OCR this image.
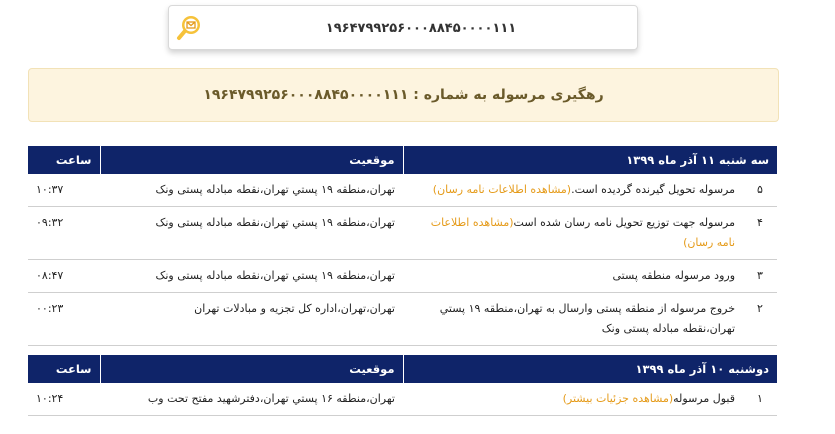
۱۹۶۴۷۹۹۲۵۶۰۰۰۸۸۴۵۰۰۰۰۱۱۱
رهگیری مرسوله به شماره : ۱۹۶۴۷۹۹۲۵۶۰۰۰۸۸۴۵۰۰۰۰۱۱۱
سه شنبه ۱۱ آذر ماه ۱۳۹۹		موقعیت	ساعت
۵	مرسوله تحویل گیرنده گردیده است.(مشاهده اطلاعات نامه رسان)	تهران،منطقه ۱۹ پستي تهران،نقطه مبادله پستی ونک	۱۰:۳۷
۴	مرسوله جهت توزیع تحویل نامه رسان شده است(مشاهده اطلاعات نامه رسان)	تهران،منطقه ۱۹ پستي تهران،نقطه مبادله پستی ونک	۰۹:۳۲
۳	ورود مرسوله منطقه پستی	تهران،منطقه ۱۹ پستي تهران،نقطه مبادله پستی ونک	۰۸:۴۷
۲	خروج مرسوله از منطقه پستی وارسال به تهران،منطقه ۱۹ پستي تهران،نقطه مبادله پستی ونک	تهران،تهران،اداره کل تجزیه و مبادلات تهران	۰۰:۲۳
دوشنبه ۱۰ آذر ماه ۱۳۹۹		موقعیت	ساعت
۱	قبول مرسوله(مشاهده جزئیات بیشتر)	تهران،منطقه ۱۶ پستي تهران،دفترشهید مفتح تحت وب	۱۰:۲۴
